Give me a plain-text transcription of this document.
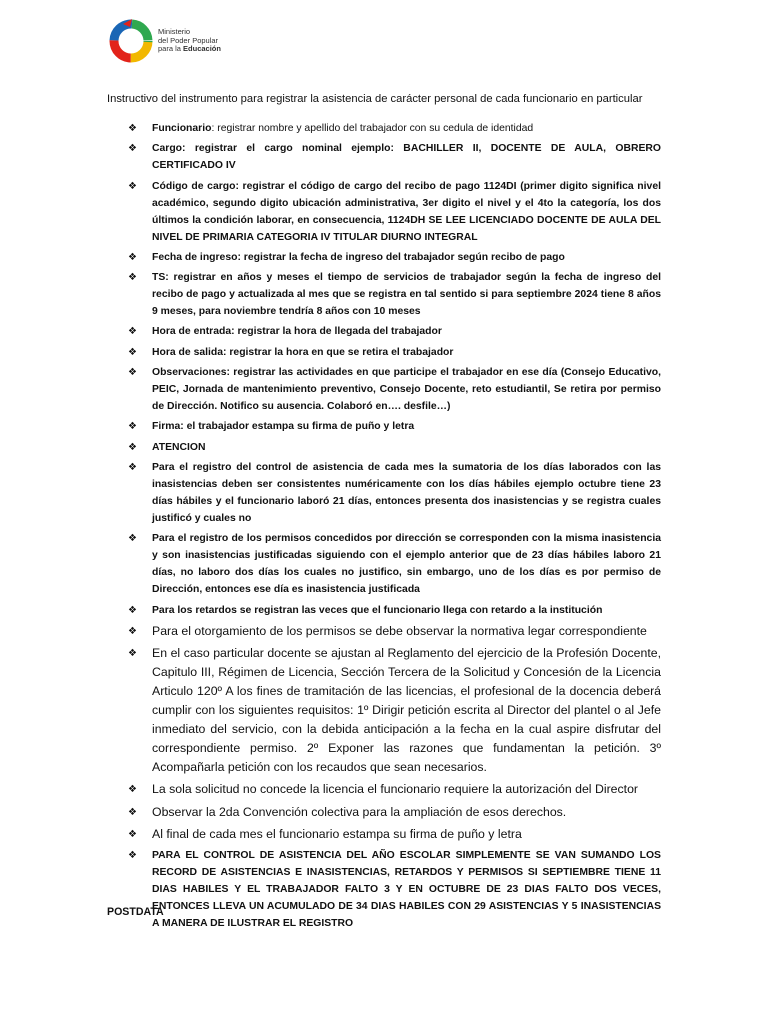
Ministerio
del Poder Popular
para la Educación
Instructivo del instrumento para registrar la asistencia de carácter personal de cada funcionario en particular
❖ Funcionario: registrar nombre y apellido del trabajador con su cedula de identidad
❖ Cargo: registrar el cargo nominal ejemplo: BACHILLER II, DOCENTE DE AULA, OBRERO CERTIFICADO IV
❖ Código de cargo: registrar el código de cargo del recibo de pago 1124DI (primer digito significa nivel académico, segundo digito ubicación administrativa, 3er digito el nivel y el 4to la categoría, los dos últimos la condición laborar, en consecuencia, 1124DH SE LEE LICENCIADO DOCENTE DE AULA DEL NIVEL DE PRIMARIA CATEGORIA IV TITULAR DIURNO INTEGRAL
❖ Fecha de ingreso: registrar la fecha de ingreso del trabajador según recibo de pago
❖ TS: registrar en años y meses el tiempo de servicios de trabajador según la fecha de ingreso del recibo de pago y actualizada al mes que se registra en tal sentido si para septiembre 2024 tiene 8 años 9 meses, para noviembre tendría 8 años con 10 meses
❖ Hora de entrada: registrar la hora de llegada del trabajador
❖ Hora de salida: registrar la hora en que se retira el trabajador
❖ Observaciones: registrar las actividades en que participe el trabajador en ese día (Consejo Educativo, PEIC, Jornada de mantenimiento preventivo, Consejo Docente, reto estudiantil, Se retira por permiso de Dirección. Notifico su ausencia. Colaboró en…. desfile…)
❖ Firma: el trabajador estampa su firma de puño y letra
❖ ATENCION
❖ Para el registro del control de asistencia de cada mes la sumatoria de los días laborados con las inasistencias deben ser consistentes numéricamente con los días hábiles ejemplo octubre tiene 23 días hábiles y el funcionario laboró 21 días, entonces presenta dos inasistencias y se registra cuales justificó y cuales no
❖ Para el registro de los permisos concedidos por dirección se corresponden con la misma inasistencia y son inasistencias justificadas siguiendo con el ejemplo anterior que de 23 días hábiles laboro 21 días, no laboro dos días los cuales no justifico, sin embargo, uno de los días es por permiso de Dirección, entonces ese día es inasistencia justificada
❖ Para los retardos se registran las veces que el funcionario llega con retardo a la institución
❖ Para el otorgamiento de los permisos se debe observar la normativa legar correspondiente
❖ En el caso particular docente se ajustan al Reglamento del ejercicio de la Profesión Docente, Capitulo III, Régimen de Licencia, Sección Tercera de la Solicitud y Concesión de la Licencia Articulo 120º A los fines de tramitación de las licencias, el profesional de la docencia deberá cumplir con los siguientes requisitos: 1º Dirigir petición escrita al Director del plantel o al Jefe inmediato del servicio, con la debida anticipación a la fecha en la cual aspire disfrutar del correspondiente permiso. 2º Exponer las razones que fundamentan la petición. 3º Acompañarla petición con los recaudos que sean necesarios.
❖ La sola solicitud no concede la licencia el funcionario requiere la autorización del Director
❖ Observar la 2da Convención colectiva para la ampliación de esos derechos.
❖ Al final de cada mes el funcionario estampa su firma de puño y letra
❖ PARA EL CONTROL DE ASISTENCIA DEL AÑO ESCOLAR SIMPLEMENTE SE VAN SUMANDO LOS RECORD DE ASISTENCIAS E INASISTENCIAS, RETARDOS Y PERMISOS SI SEPTIEMBRE TIENE 11 DIAS HABILES Y EL TRABAJADOR FALTO 3 Y EN OCTUBRE DE 23 DIAS FALTO DOS VECES, ENTONCES LLEVA UN ACUMULADO DE 34 DIAS HABILES CON 29 ASISTENCIAS Y 5 INASISTENCIAS A MANERA DE ILUSTRAR EL REGISTRO
POSTDATA
